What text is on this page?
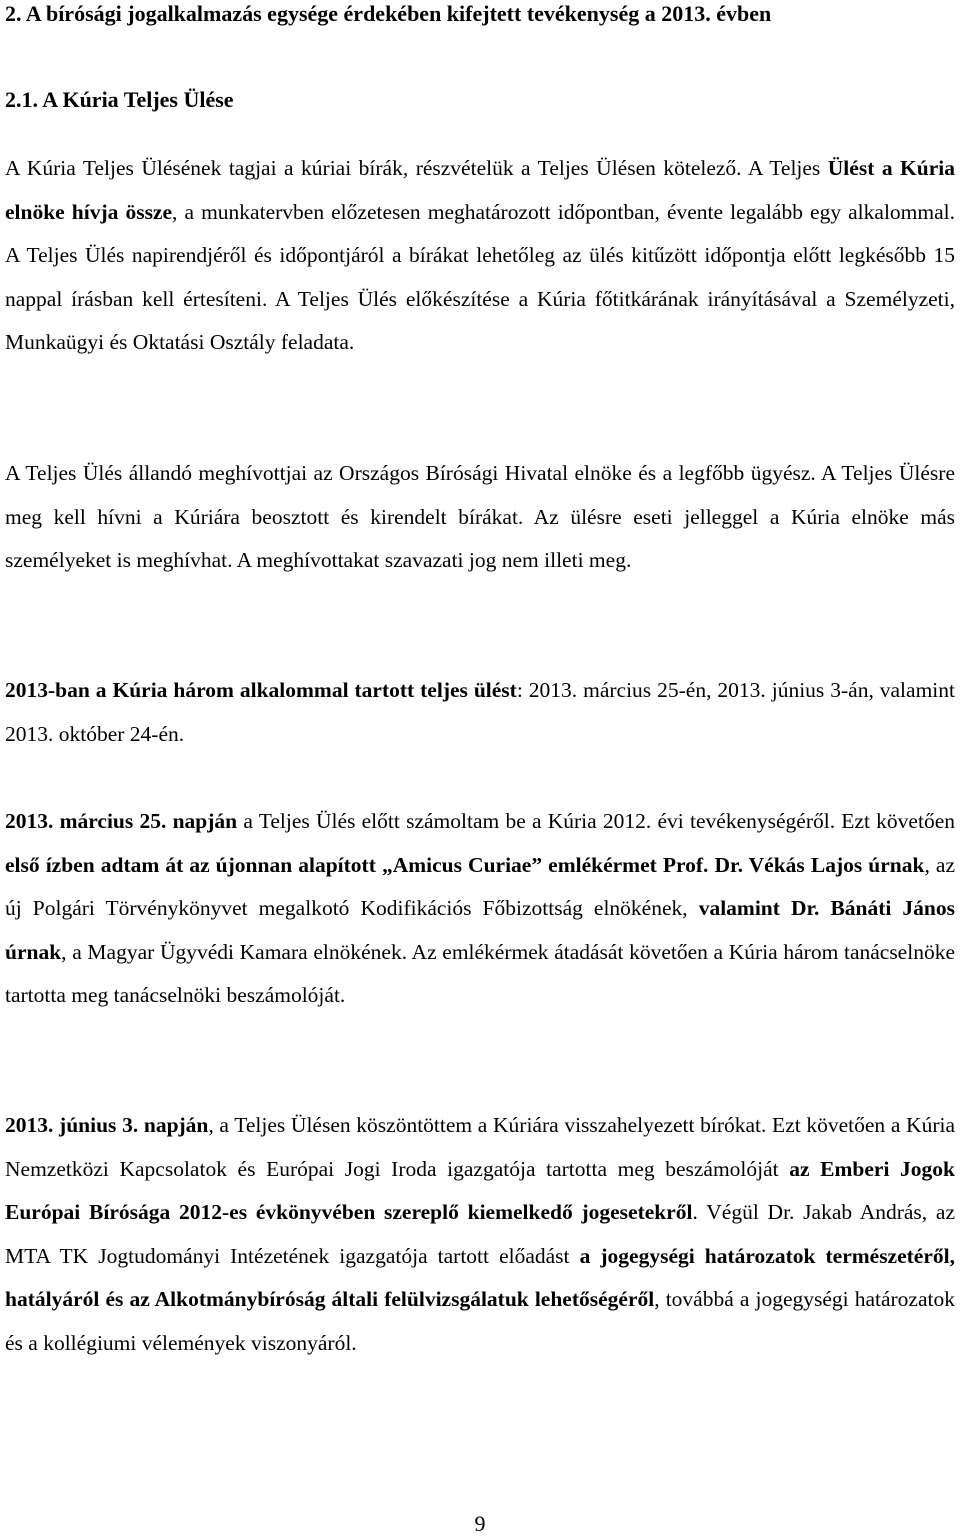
2. A bírósági jogalkalmazás egysége érdekében kifejtett tevékenység a 2013. évben
2.1. A Kúria Teljes Ülése

A Kúria Teljes Ülésének tagjai a kúriai bírák, részvételük a Teljes Ülésen kötelező. A Teljes Ülést a Kúria elnöke hívja össze, a munkatervben előzetesen meghatározott időpontban, évente legalább egy alkalommal. A Teljes Ülés napirendjéről és időpontjáról a bírákat lehetőleg az ülés kitűzött időpontja előtt legkésőbb 15 nappal írásban kell értesíteni. A Teljes Ülés előkészítése a Kúria főtitkárának irányításával a Személyzeti, Munkaügyi és Oktatási Osztály feladata.

A Teljes Ülés állandó meghívottjai az Országos Bírósági Hivatal elnöke és a legfőbb ügyész. A Teljes Ülésre meg kell hívni a Kúriára beosztott és kirendelt bírákat. Az ülésre eseti jelleggel a Kúria elnöke más személyeket is meghívhat. A meghívottakat szavazati jog nem illeti meg.

2013-ban a Kúria három alkalommal tartott teljes ülést: 2013. március 25-én, 2013. június 3-án, valamint 2013. október 24-én.

2013. március 25. napján a Teljes Ülés előtt számoltam be a Kúria 2012. évi tevékenységéről. Ezt követően első ízben adtam át az újonnan alapított „Amicus Curiae” emlékérmet Prof. Dr. Vékás Lajos úrnak, az új Polgári Törvénykönyvet megalkotó Kodifikációs Főbizottság elnökének, valamint Dr. Bánáti János úrnak, a Magyar Ügyvédi Kamara elnökének. Az emlékérmek átadását követően a Kúria három tanácselnöke tartotta meg tanácselnöki beszámolóját.

2013. június 3. napján, a Teljes Ülésen köszöntöttem a Kúriára visszahelyezett bírókat. Ezt követően a Kúria Nemzetközi Kapcsolatok és Európai Jogi Iroda igazgatója tartotta meg beszámolóját az Emberi Jogok Európai Bírósága 2012-es évkönyvében szereplő kiemelkedő jogesetekről. Végül Dr. Jakab András, az MTA TK Jogtudományi Intézetének igazgatója tartott előadást a jogegységi határozatok természetéről, hatályáról és az Alkotmánybíróság általi felülvizsgálatuk lehetőségéről, továbbá a jogegységi határozatok és a kollégiumi vélemények viszonyáról.

9
